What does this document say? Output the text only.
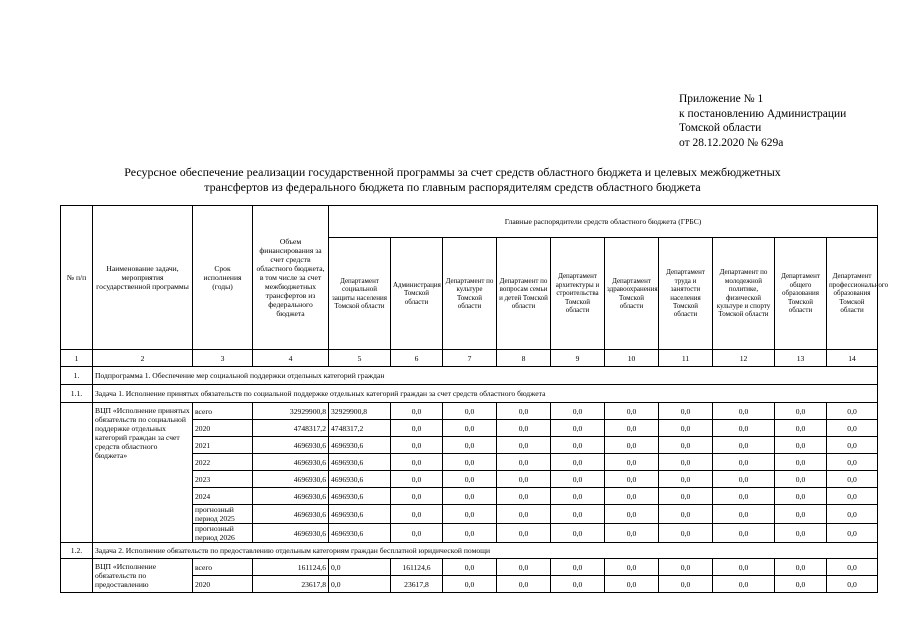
Приложение № 1
к постановлению Администрации
Томской области
от 28.12.2020 № 629а
Ресурсное обеспечение реализации государственной программы за счет средств областного бюджета и целевых межбюджетных
трансфертов из федерального бюджета по главным распорядителям средств областного бюджета
№ п/п	Наименование задачи, мероприятия государственной программы	Срок исполнения (годы)	Объем финансирования за счет средств областного бюджета, в том числе за счет межбюджетных трансфертов из федерального бюджета	Главные распорядители средств областного бюджета (ГРБС)									
				Департамент социальной защиты населения Томской области	Администрация Томской области	Департамент по культуре Томской области	Департамент по вопросам семьи и детей Томской области	Департамент архитектуры и строительства Томской области	Департамент здравоохранения Томской области	Департамент труда и занятости населения Томской области	Департамент по молодежной политике, физической культуре и спорту Томской области	Департамент общего образования Томской области	Департамент профессионального образования Томской области
1	2	3	4	5	6	7	8	9	10	11	12	13	14
1.	Подпрограмма 1. Обеспечение мер социальной поддержки отдельных категорий граждан												
1.1.	Задача 1. Исполнение принятых обязательств по социальной поддержке отдельных категорий граждан за счет средств областного бюджета												
	ВЦП «Исполнение принятых обязательств по социальной поддержке отдельных категорий граждан за счет средств областного бюджета»	всего	32929900,8	32929900,8	0,0	0,0	0,0	0,0	0,0	0,0	0,0	0,0	0,0
		2020	4748317,2	4748317,2	0,0	0,0	0,0	0,0	0,0	0,0	0,0	0,0	0,0
		2021	4696930,6	4696930,6	0,0	0,0	0,0	0,0	0,0	0,0	0,0	0,0	0,0
		2022	4696930,6	4696930,6	0,0	0,0	0,0	0,0	0,0	0,0	0,0	0,0	0,0
		2023	4696930,6	4696930,6	0,0	0,0	0,0	0,0	0,0	0,0	0,0	0,0	0,0
		2024	4696930,6	4696930,6	0,0	0,0	0,0	0,0	0,0	0,0	0,0	0,0	0,0
		прогнозный период 2025	4696930,6	4696930,6	0,0	0,0	0,0	0,0	0,0	0,0	0,0	0,0	0,0
		прогнозный период 2026	4696930,6	4696930,6	0,0	0,0	0,0	0,0	0,0	0,0	0,0	0,0	0,0
1.2.	Задача 2. Исполнение обязательств по предоставлению отдельным категориям граждан бесплатной юридической помощи												
	ВЦП «Исполнение обязательств по предоставлению	всего	161124,6	0,0	161124,6	0,0	0,0	0,0	0,0	0,0	0,0	0,0	0,0
		2020	23617,8	0,0	23617,8	0,0	0,0	0,0	0,0	0,0	0,0	0,0	0,0
